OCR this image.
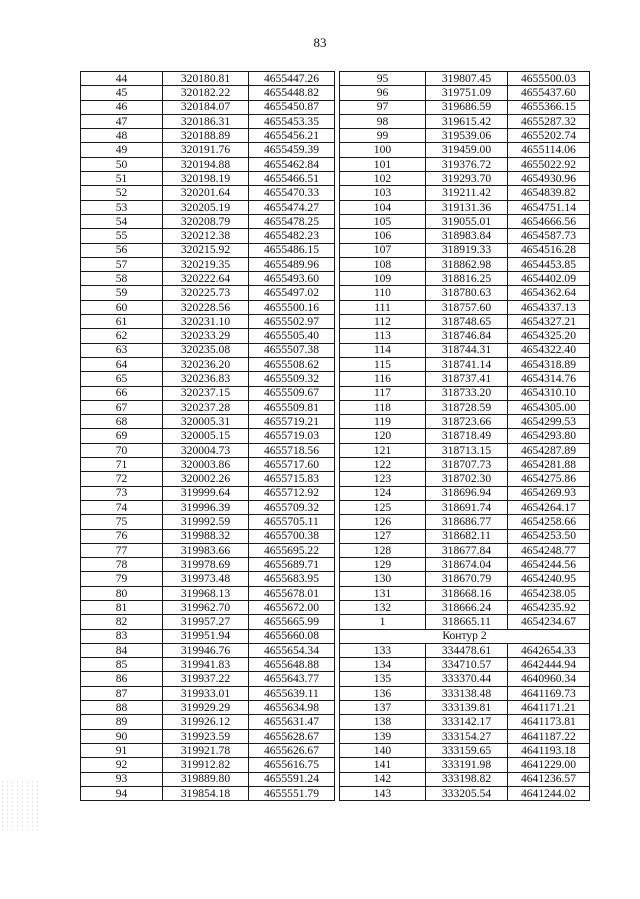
83
44	320180.81	4655447.26
45	320182.22	4655448.82
46	320184.07	4655450.87
47	320186.31	4655453.35
48	320188.89	4655456.21
49	320191.76	4655459.39
50	320194.88	4655462.84
51	320198.19	4655466.51
52	320201.64	4655470.33
53	320205.19	4655474.27
54	320208.79	4655478.25
55	320212.38	4655482.23
56	320215.92	4655486.15
57	320219.35	4655489.96
58	320222.64	4655493.60
59	320225.73	4655497.02
60	320228.56	4655500.16
61	320231.10	4655502.97
62	320233.29	4655505.40
63	320235.08	4655507.38
64	320236.20	4655508.62
65	320236.83	4655509.32
66	320237.15	4655509.67
67	320237.28	4655509.81
68	320005.31	4655719.21
69	320005.15	4655719.03
70	320004.73	4655718.56
71	320003.86	4655717.60
72	320002.26	4655715.83
73	319999.64	4655712.92
74	319996.39	4655709.32
75	319992.59	4655705.11
76	319988.32	4655700.38
77	319983.66	4655695.22
78	319978.69	4655689.71
79	319973.48	4655683.95
80	319968.13	4655678.01
81	319962.70	4655672.00
82	319957.27	4655665.99
83	319951.94	4655660.08
84	319946.76	4655654.34
85	319941.83	4655648.88
86	319937.22	4655643.77
87	319933.01	4655639.11
88	319929.29	4655634.98
89	319926.12	4655631.47
90	319923.59	4655628.67
91	319921.78	4655626.67
92	319912.82	4655616.75
93	319889.80	4655591.24
94	319854.18	4655551.79
95	319807.45	4655500.03
96	319751.09	4655437.60
97	319686.59	4655366.15
98	319615.42	4655287.32
99	319539.06	4655202.74
100	319459.00	4655114.06
101	319376.72	4655022.92
102	319293.70	4654930.96
103	319211.42	4654839.82
104	319131.36	4654751.14
105	319055.01	4654666.56
106	318983.84	4654587.73
107	318919.33	4654516.28
108	318862.98	4654453.85
109	318816.25	4654402.09
110	318780.63	4654362.64
111	318757.60	4654337.13
112	318748.65	4654327.21
113	318746.84	4654325.20
114	318744.31	4654322.40
115	318741.14	4654318.89
116	318737.41	4654314.76
117	318733.20	4654310.10
118	318728.59	4654305.00
119	318723.66	4654299.53
120	318718.49	4654293.80
121	318713.15	4654287.89
122	318707.73	4654281.88
123	318702.30	4654275.86
124	318696.94	4654269.93
125	318691.74	4654264.17
126	318686.77	4654258.66
127	318682.11	4654253.50
128	318677.84	4654248.77
129	318674.04	4654244.56
130	318670.79	4654240.95
131	318668.16	4654238.05
132	318666.24	4654235.92
1	318665.11	4654234.67
Контур 2		
133	334478.61	4642654.33
134	334710.57	4642444.94
135	333370.44	4640960.34
136	333138.48	4641169.73
137	333139.81	4641171.21
138	333142.17	4641173.81
139	333154.27	4641187.22
140	333159.65	4641193.18
141	333191.98	4641229.00
142	333198.82	4641236.57
143	333205.54	4641244.02
